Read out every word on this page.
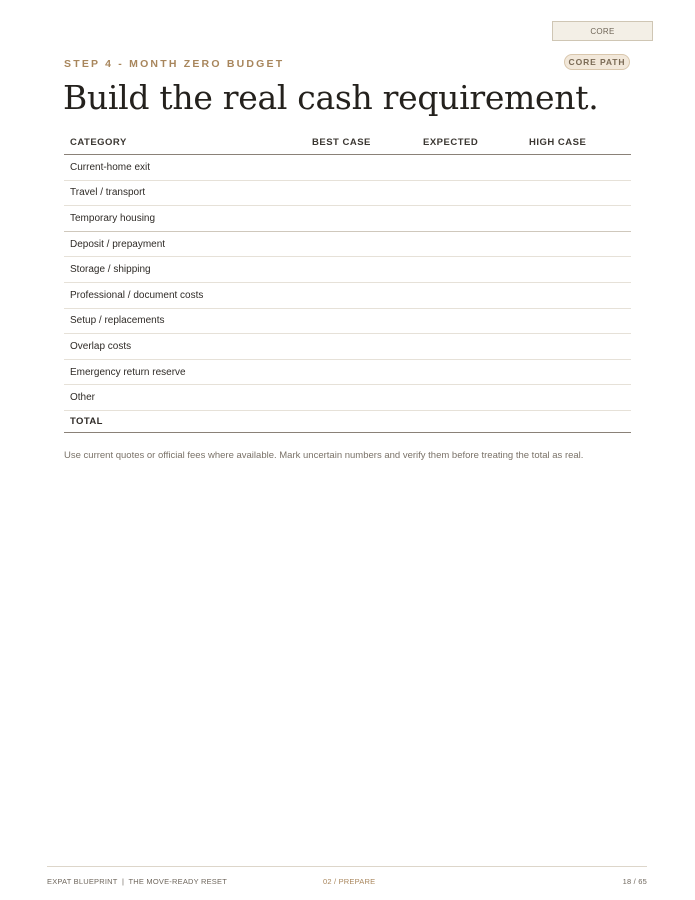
CORE
STEP 4 - MONTH ZERO BUDGET	CORE PATH
Build the real cash requirement.
CATEGORY	BEST CASE	EXPECTED	HIGH CASE
Current-home exit			
Travel / transport			
Temporary housing			
Deposit / prepayment			
Storage / shipping			
Professional / document costs			
Setup / replacements			
Overlap costs			
Emergency return reserve			
Other			
TOTAL			

Use current quotes or official fees where available. Mark uncertain numbers and verify them before treating the total as real.

EXPAT BLUEPRINT  |  THE MOVE-READY RESET	02 / PREPARE	18 / 65
